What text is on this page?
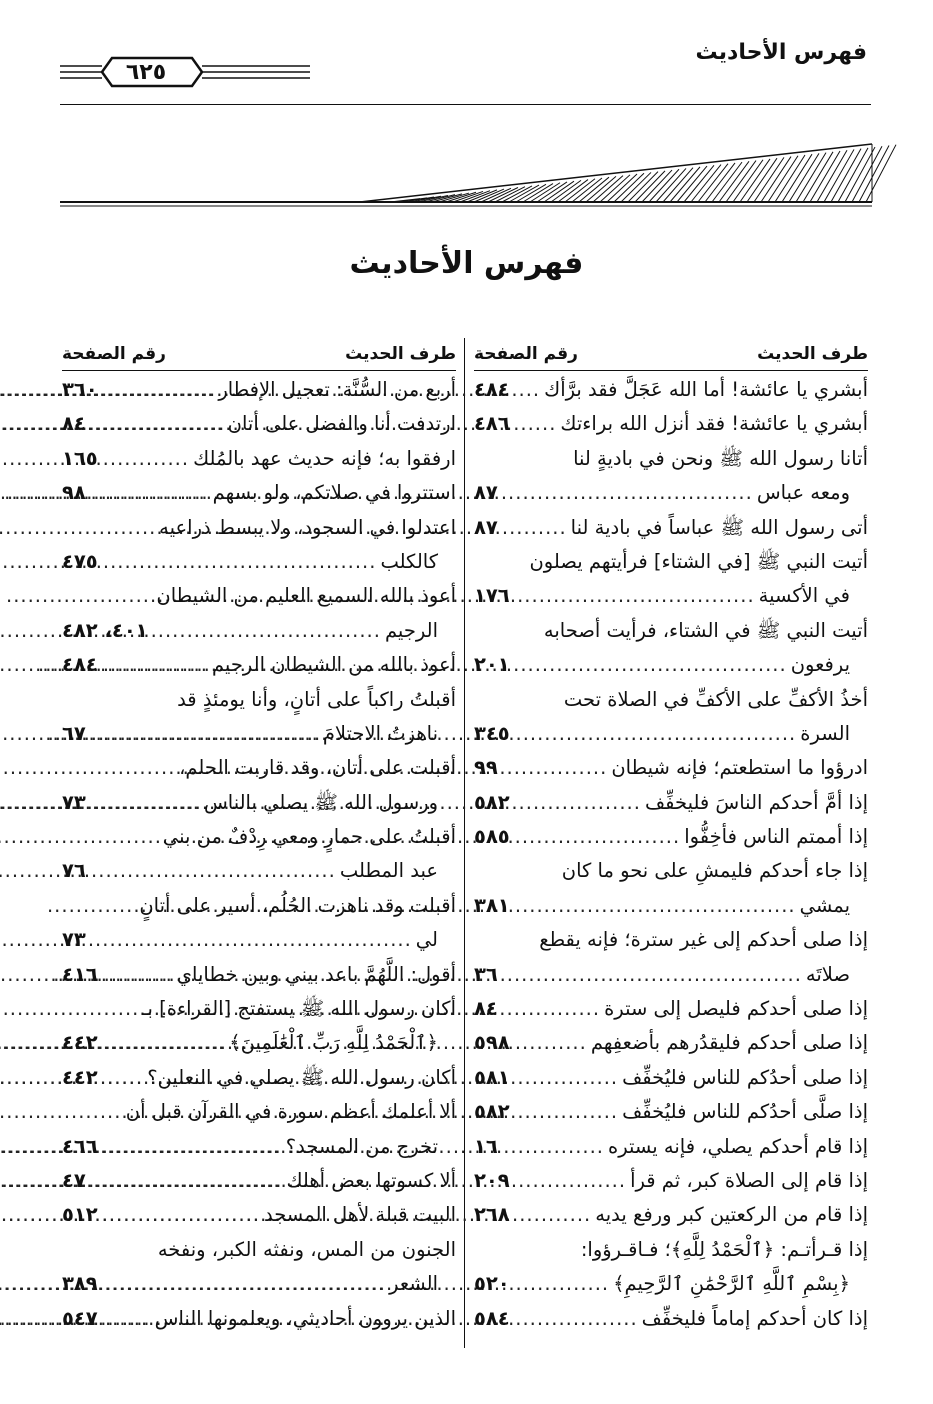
فهرس الأحاديث
٦٢٥
فهرس الأحاديث
طرف الحديث
رقم الصفحة
أبشري يا عائشة! أما الله عَجَلَّ فقد برَّأك
.....
٤٨٤
أبشري يا عائشة! فقد أنزل الله براءتك
.....
٤٨٦
أتانا رسول الله ﷺ ونحن في باديةٍ لنا
ومعه عباس
.....
٨٧
أتى رسول الله ﷺ عباساً في بادية لنا
.....
٨٧
أتيت النبي ﷺ [في الشتاء] فرأيتهم يصلون
في الأكسية
.....
١٧٦
أتيت النبي ﷺ في الشتاء، فرأيت أصحابه
يرفعون
.....
٢٠١
أخذُ الأكفِّ على الأكفِّ في الصلاة تحت
السرة
.....
٣٤٥
ادرؤوا ما استطعتم؛ فإنه شيطان
.....
٩٩
إذا أمَّ أحدكم الناسَ فليخفِّف
.....
٥٨٢
إذا أممتم الناس فأخِفُّوا
.....
٥٨٥
إذا جاء أحدكم فليمشِ على نحو ما كان
يمشي
.....
٣٨١
إذا صلى أحدكم إلى غير سترة؛ فإنه يقطع
صلاتَه
.....
٣٦
إذا صلى أحدكم فليصل إلى سترة
.....
٨٤
إذا صلى أحدكم فليقدُرهم بأضعفِهم
.....
٥٩٨
إذا صلى أحدُكم للناس فليُخفِّف
.....
٥٨١
إذا صلَّى أحدُكم للناس فليُخفِّف
.....
٥٨٢
إذا قام أحدكم يصلي، فإنه يستره
.....
١٦
إذا قام إلى الصلاة كبر، ثم قرأ
.....
٢٠٩
إذا قام من الركعتين كبر ورفع يديه
.....
٢٦٨
إذا قـرأتـم: ﴿ٱلْحَمْدُ لِلَّهِ﴾؛ فـاقـرؤوا:
﴿بِسْمِ ٱللَّهِ ٱلرَّحْمَٰنِ ٱلرَّحِيمِ﴾
.....
٥٢٠
إذا كان أحدكم إماماً فليخفِّف
.....
٥٨٤
طرف الحديث
رقم الصفحة
أربع من السُّنَّة: تعجيل الإفطار
.....
٣٦٠
ارتدفت أنا والفضل على أتان
.....
٨٤
ارفقوا به؛ فإنه حديث عهد بالمُلك
.....
١٦٥
استتروا في صلاتكم، ولو بسهم
.....
٩٨
اعتدلوا في السجود، ولا يبسط ذراعيه
كالكلب
.....
٤٧٥
أعوذ بالله السميع العليم من الشيطان
الرجيم
.....
٤٠١، ٤٨٢
أعوذ بالله من الشيطان الرجيم
.....
٤٨٤
أقبلتُ راكباً على أتانٍ، وأنا يومئذٍ قد
ناهزتُ الاحتلامَ
.....
٦٧
أقبلت على أتان، وقد قاربت الحلم،
ورسول الله ﷺ يصلي بالناس
.....
٧٣
أقبلتُ على حمارٍ ومعي رِدْفٌ من بني
عبد المطلب
.....
٧٦
أقبلت وقد ناهزت الحُلُم، أسير على أتانٍ
لي
.....
٧٣
أقول: اللَّهُمَّ باعد بيني وبين خطاياي
.....
٤١٦
أكان رسول الله ﷺ يستفتح [القراءة] بـ
﴿ٱلْحَمْدُ لِلَّهِ رَبِّ ٱلْعَٰلَمِينَ﴾
.....
٤٤٢
أكان رسول الله ﷺ يصلي في النعلين؟
.....
٤٤٢
ألا أعلمك أعظم سورة في القرآن قبل أن
تخرج من المسجد؟
.....
٤٦٦
ألا كسوتها بعض أهلك
.....
٤٧
البيت قبلة لأهل المسجد
.....
٥١٢
الجنون من المس، ونفثه الكبر، ونفخه
الشعر
.....
٣٨٩
الذين يروون أحاديثي، ويعلمونها الناس
.....
٥٤٧
